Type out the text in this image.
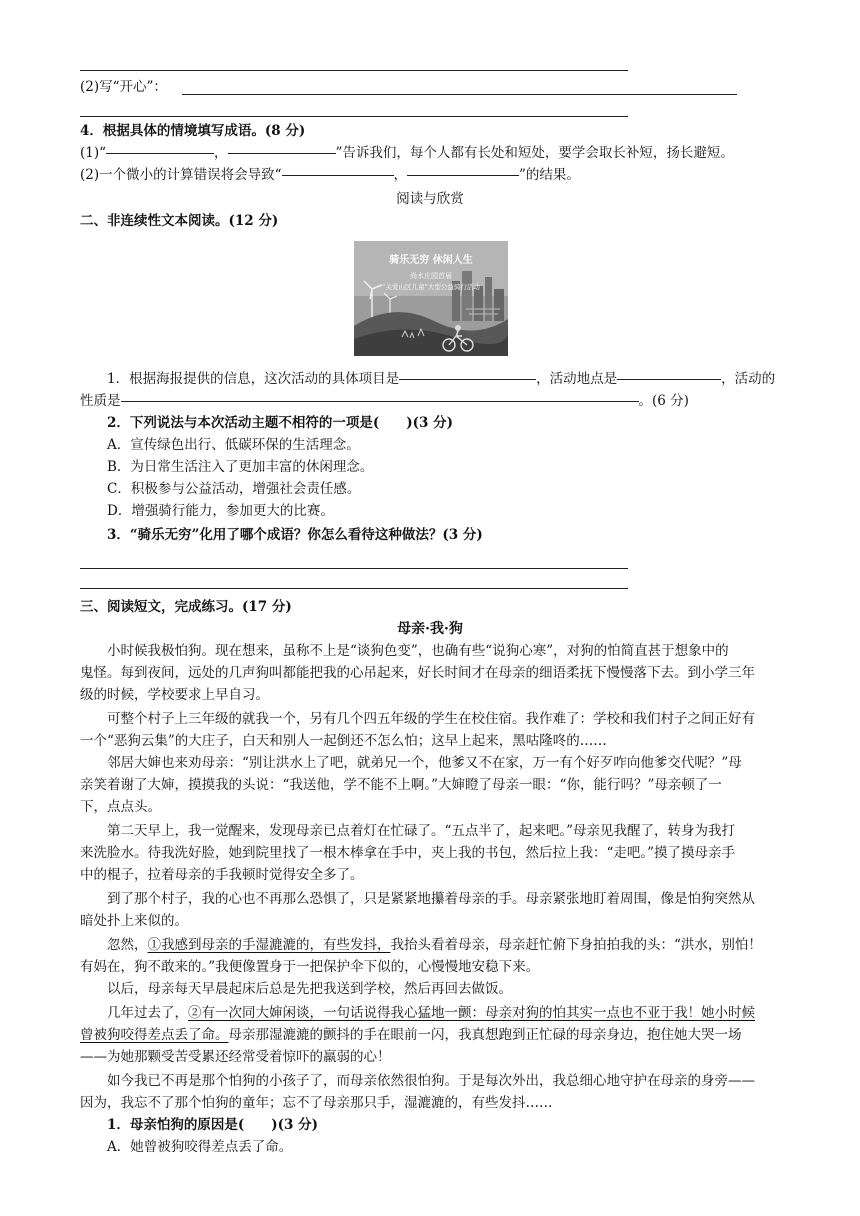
(2)写“开心”：
4．根据具体的情境填写成语。(8 分)
(1)“	，	”告诉我们，每个人都有长处和短处，要学会取长补短，扬长避短。
(2)一个微小的计算错误将会导致“	，	”的结果。
阅读与欣赏
二、非连续性文本阅读。(12 分)
骑乐无穷 休闲人生
尚水庄园首届
“关爱山区儿童”大型公益骑行活动
1．根据海报提供的信息，这次活动的具体项目是	，活动地点是	，活动的
性质是	。(6 分)
2．下列说法与本次活动主题不相符的一项是(　　)(3 分)
A．宣传绿色出行、低碳环保的生活理念。
B．为日常生活注入了更加丰富的休闲理念。
C．积极参与公益活动，增强社会责任感。
D．增强骑行能力，参加更大的比赛。
3．“骑乐无穷”化用了哪个成语？你怎么看待这种做法？(3 分)
三、阅读短文，完成练习。(17 分)
母亲·我·狗
小时候我极怕狗。现在想来，虽称不上是“谈狗色变”，也确有些“说狗心寒”，对狗的怕简直甚于想象中的
鬼怪。每到夜间，远处的几声狗叫都能把我的心吊起来，好长时间才在母亲的细语柔抚下慢慢落下去。到小学三年
级的时候，学校要求上早自习。
可整个村子上三年级的就我一个，另有几个四五年级的学生在校住宿。我作难了：学校和我们村子之间正好有
一个“恶狗云集”的大庄子，白天和别人一起倒还不怎么怕；这早上起来，黑咕隆咚的……
邻居大婶也来劝母亲：“别让洪水上了吧，就弟兄一个，他爹又不在家，万一有个好歹咋向他爹交代呢？”母
亲笑着谢了大婶，摸摸我的头说：“我送他，学不能不上啊。”大婶瞪了母亲一眼：“你，能行吗？”母亲顿了一
下，点点头。
第二天早上，我一觉醒来，发现母亲已点着灯在忙碌了。“五点半了，起来吧。”母亲见我醒了，转身为我打
来洗脸水。待我洗好脸，她到院里找了一根木棒拿在手中，夹上我的书包，然后拉上我：“走吧。”摸了摸母亲手
中的棍子，拉着母亲的手我顿时觉得安全多了。
到了那个村子，我的心也不再那么恐惧了，只是紧紧地攥着母亲的手。母亲紧张地盯着周围，像是怕狗突然从
暗处扑上来似的。
忽然，①我感到母亲的手湿漉漉的，有些发抖，我抬头看着母亲，母亲赶忙俯下身拍拍我的头：“洪水，别怕！
有妈在，狗不敢来的。”我便像置身于一把保护伞下似的，心慢慢地安稳下来。
以后，母亲每天早晨起床后总是先把我送到学校，然后再回去做饭。
几年过去了，②有一次同大婶闲谈，一句话说得我心猛地一颤：母亲对狗的怕其实一点也不亚于我！她小时候
曾被狗咬得差点丢了命。母亲那湿漉漉的颤抖的手在眼前一闪，我真想跑到正忙碌的母亲身边，抱住她大哭一场
——为她那颗受苦受累还经常受着惊吓的羸弱的心！
如今我已不再是那个怕狗的小孩子了，而母亲依然很怕狗。于是每次外出，我总细心地守护在母亲的身旁——
因为，我忘不了那个怕狗的童年；忘不了母亲那只手，湿漉漉的，有些发抖……
1．母亲怕狗的原因是(　　)(3 分)
A．她曾被狗咬得差点丢了命。
